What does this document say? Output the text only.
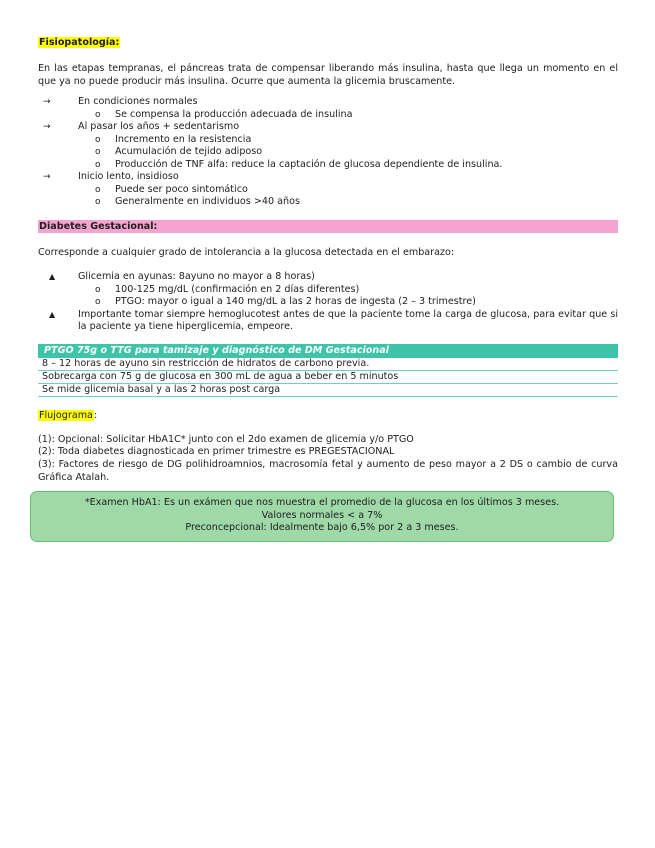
Fisiopatología:

En las etapas tempranas, el páncreas trata de compensar liberando más insulina, hasta que llega un momento en el que ya no puede producir más insulina. Ocurre que aumenta la glicemia bruscamente.

→	En condiciones normales
o Se compensa la producción adecuada de insulina
→	Al pasar los años + sedentarismo
o Incremento en la resistencia
o Acumulación de tejido adiposo
o Producción de TNF alfa: reduce la captación de glucosa dependiente de insulina.
→	Inicio lento, insidioso
o Puede ser poco sintomático
o Generalmente en individuos >40 años
Diabetes Gestacional:

Corresponde a cualquier grado de intolerancia a la glucosa detectada en el embarazo:

▲ Glicemia en ayunas: 8ayuno no mayor a 8 horas)
o 100-125 mg/dL (confirmación en 2 días diferentes)
o PTGO: mayor o igual a 140 mg/dL a las 2 horas de ingesta (2 – 3 trimestre)
▲ Importante tomar siempre hemoglucotest antes de que la paciente tome la carga de glucosa, para evitar que si la paciente ya tiene hiperglicemia, empeore.
PTGO 75g o TTG para tamizaje y diagnóstico de DM Gestacional
8 – 12 horas de ayuno sin restricción de hidratos de carbono previa.
Sobrecarga con 75 g de glucosa en 300 mL de agua a beber en 5 minutos
Se mide glicemia basal y a las 2 horas post carga

Flujograma:

(1): Opcional: Solicitar HbA1C* junto con el 2do examen de glicemia y/o PTGO

(2): Toda diabetes diagnosticada en primer trimestre es PREGESTACIONAL

(3): Factores de riesgo de DG polihidroamnios, macrosomía fetal y aumento de peso mayor a 2 DS o cambio de curva Gráfica Atalah.

*Examen HbA1: Es un exámen que nos muestra el promedio de la glucosa en los últimos 3 meses.
Valores normales < a 7%
Preconcepcional: Idealmente bajo 6,5% por 2 a 3 meses.
